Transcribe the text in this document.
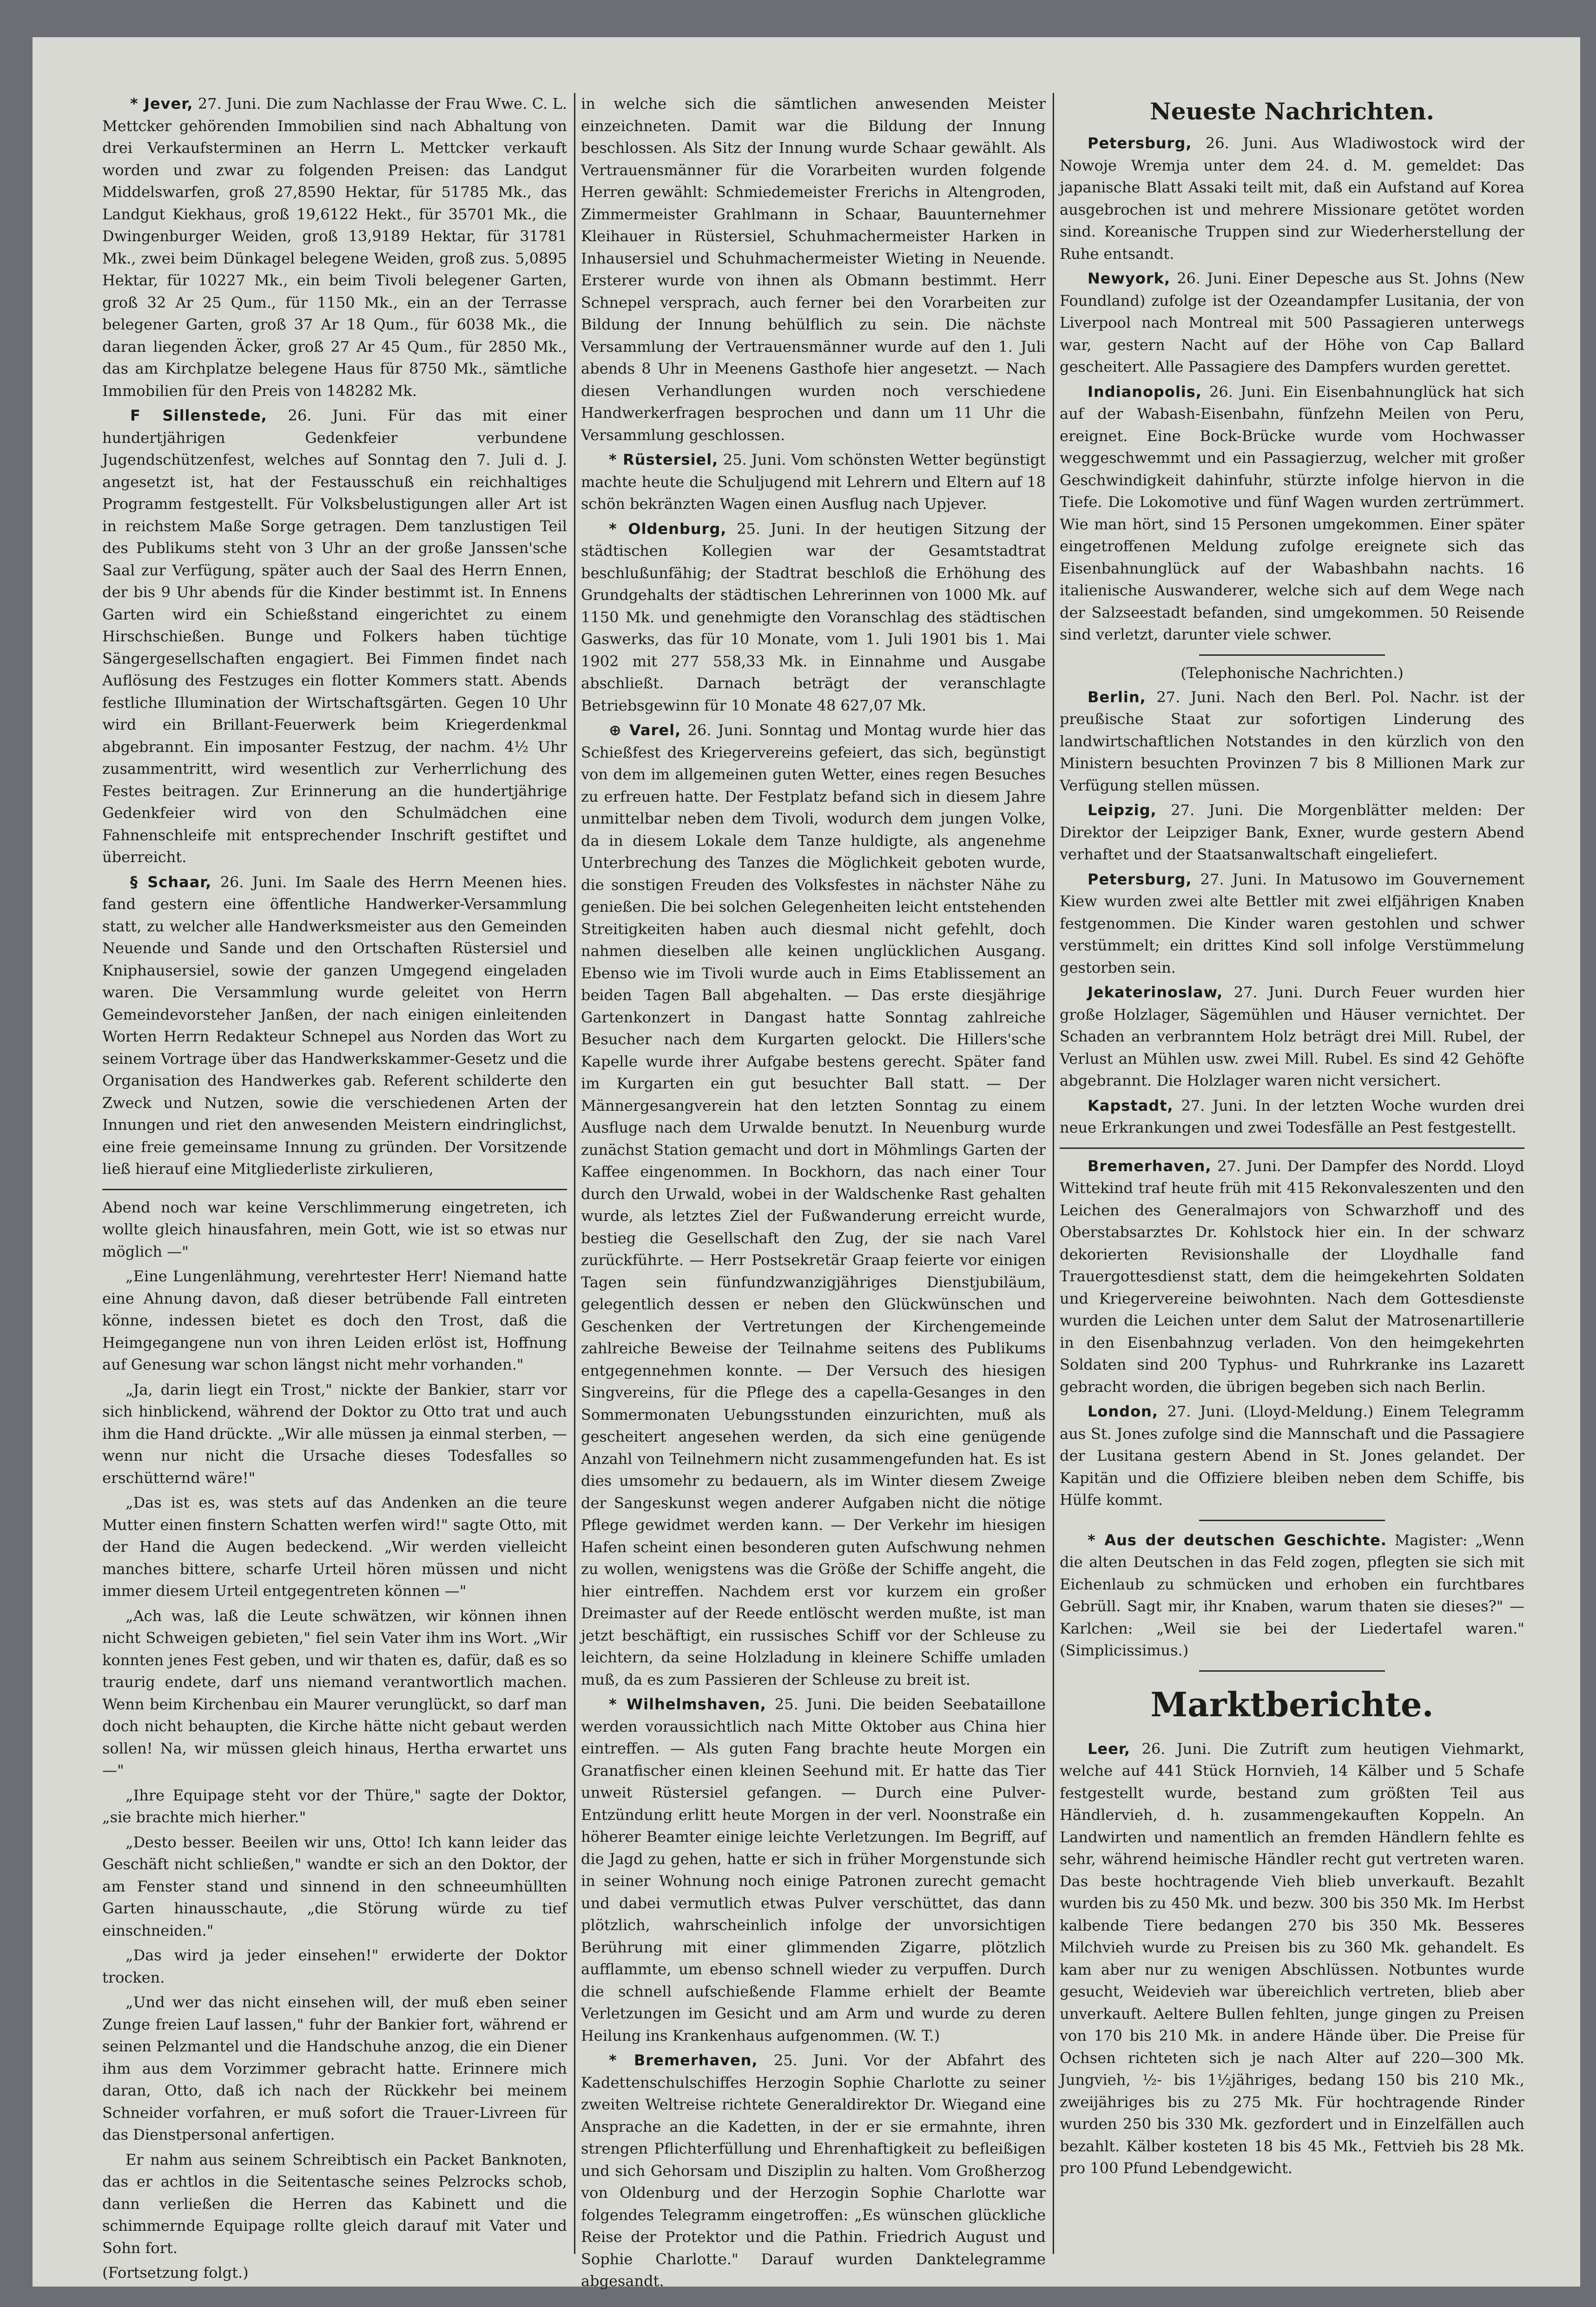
* Jever, 27. Juni. Die zum Nachlasse der Frau Wwe. C. L. Mettcker gehörenden Immobilien sind nach Abhaltung von drei Verkaufsterminen an Herrn L. Mettcker verkauft worden und zwar zu folgenden Preisen: das Landgut Middelswarfen, groß 27,8590 Hektar, für 51785 Mk., das Landgut Kiekhaus, groß 19,6122 Hekt., für 35701 Mk., die Dwingenburger Weiden, groß 13,9189 Hektar, für 31781 Mk., zwei beim Dünkagel belegene Weiden, groß zus. 5,0895 Hektar, für 10227 Mk., ein beim Tivoli belegener Garten, groß 32 Ar 25 Qum., für 1150 Mk., ein an der Terrasse belegener Garten, groß 37 Ar 18 Qum., für 6038 Mk., die daran liegenden Äcker, groß 27 Ar 45 Qum., für 2850 Mk., das am Kirchplatze belegene Haus für 8750 Mk., sämtliche Immobilien für den Preis von 148282 Mk.

F Sillenstede, 26. Juni. Für das mit einer hundertjährigen Gedenkfeier verbundene Jugendschützenfest, welches auf Sonntag den 7. Juli d. J. angesetzt ist, hat der Festausschuß ein reichhaltiges Programm festgestellt. Für Volksbelustigungen aller Art ist in reichstem Maße Sorge getragen. Dem tanzlustigen Teil des Publikums steht von 3 Uhr an der große Janssen'sche Saal zur Verfügung, später auch der Saal des Herrn Ennen, der bis 9 Uhr abends für die Kinder bestimmt ist. In Ennens Garten wird ein Schießstand eingerichtet zu einem Hirschschießen. Bunge und Folkers haben tüchtige Sängergesellschaften engagiert. Bei Fimmen findet nach Auflösung des Festzuges ein flotter Kommers statt. Abends festliche Illumination der Wirtschaftsgärten. Gegen 10 Uhr wird ein Brillant-Feuerwerk beim Kriegerdenkmal abgebrannt. Ein imposanter Festzug, der nachm. 4½ Uhr zusammentritt, wird wesentlich zur Verherrlichung des Festes beitragen. Zur Erinnerung an die hundertjährige Gedenkfeier wird von den Schulmädchen eine Fahnenschleife mit entsprechender Inschrift gestiftet und überreicht.

§ Schaar, 26. Juni. Im Saale des Herrn Meenen hies. fand gestern eine öffentliche Handwerker-Versammlung statt, zu welcher alle Handwerksmeister aus den Gemeinden Neuende und Sande und den Ortschaften Rüstersiel und Kniphausersiel, sowie der ganzen Umgegend eingeladen waren. Die Versammlung wurde geleitet von Herrn Gemeindevorsteher Janßen, der nach einigen einleitenden Worten Herrn Redakteur Schnepel aus Norden das Wort zu seinem Vortrage über das Handwerkskammer-Gesetz und die Organisation des Handwerkes gab. Referent schilderte den Zweck und Nutzen, sowie die verschiedenen Arten der Innungen und riet den anwesenden Meistern eindringlichst, eine freie gemeinsame Innung zu gründen. Der Vorsitzende ließ hierauf eine Mitgliederliste zirkulieren,

Abend noch war keine Verschlimmerung eingetreten, ich wollte gleich hinausfahren, mein Gott, wie ist so etwas nur möglich —"

„Eine Lungenlähmung, verehrtester Herr! Niemand hatte eine Ahnung davon, daß dieser betrübende Fall eintreten könne, indessen bietet es doch den Trost, daß die Heimgegangene nun von ihren Leiden erlöst ist, Hoffnung auf Genesung war schon längst nicht mehr vorhanden."

„Ja, darin liegt ein Trost," nickte der Bankier, starr vor sich hinblickend, während der Doktor zu Otto trat und auch ihm die Hand drückte. „Wir alle müssen ja einmal sterben, — wenn nur nicht die Ursache dieses Todesfalles so erschütternd wäre!"

„Das ist es, was stets auf das Andenken an die teure Mutter einen finstern Schatten werfen wird!" sagte Otto, mit der Hand die Augen bedeckend. „Wir werden vielleicht manches bittere, scharfe Urteil hören müssen und nicht immer diesem Urteil entgegentreten können —"

„Ach was, laß die Leute schwätzen, wir können ihnen nicht Schweigen gebieten," fiel sein Vater ihm ins Wort. „Wir konnten jenes Fest geben, und wir thaten es, dafür, daß es so traurig endete, darf uns niemand verantwortlich machen. Wenn beim Kirchenbau ein Maurer verunglückt, so darf man doch nicht behaupten, die Kirche hätte nicht gebaut werden sollen! Na, wir müssen gleich hinaus, Hertha erwartet uns —"

„Ihre Equipage steht vor der Thüre," sagte der Doktor, „sie brachte mich hierher."

„Desto besser. Beeilen wir uns, Otto! Ich kann leider das Geschäft nicht schließen," wandte er sich an den Doktor, der am Fenster stand und sinnend in den schneeumhüllten Garten hinausschaute, „die Störung würde zu tief einschneiden."

„Das wird ja jeder einsehen!" erwiderte der Doktor trocken.

„Und wer das nicht einsehen will, der muß eben seiner Zunge freien Lauf lassen," fuhr der Bankier fort, während er seinen Pelzmantel und die Handschuhe anzog, die ein Diener ihm aus dem Vorzimmer gebracht hatte. Erinnere mich daran, Otto, daß ich nach der Rückkehr bei meinem Schneider vorfahren, er muß sofort die Trauer-Livreen für das Dienstpersonal anfertigen.

Er nahm aus seinem Schreibtisch ein Packet Banknoten, das er achtlos in die Seitentasche seines Pelzrocks schob, dann verließen die Herren das Kabinett und die schimmernde Equipage rollte gleich darauf mit Vater und Sohn fort.

(Fortsetzung folgt.)

in welche sich die sämtlichen anwesenden Meister einzeichneten. Damit war die Bildung der Innung beschlossen. Als Sitz der Innung wurde Schaar gewählt. Als Vertrauensmänner für die Vorarbeiten wurden folgende Herren gewählt: Schmiedemeister Frerichs in Altengroden, Zimmermeister Grahlmann in Schaar, Bauunternehmer Kleihauer in Rüstersiel, Schuhmachermeister Harken in Inhausersiel und Schuhmachermeister Wieting in Neuende. Ersterer wurde von ihnen als Obmann bestimmt. Herr Schnepel versprach, auch ferner bei den Vorarbeiten zur Bildung der Innung behülflich zu sein. Die nächste Versammlung der Vertrauensmänner wurde auf den 1. Juli abends 8 Uhr in Meenens Gasthofe hier angesetzt. — Nach diesen Verhandlungen wurden noch verschiedene Handwerkerfragen besprochen und dann um 11 Uhr die Versammlung geschlossen.

* Rüstersiel, 25. Juni. Vom schönsten Wetter begünstigt machte heute die Schuljugend mit Lehrern und Eltern auf 18 schön bekränzten Wagen einen Ausflug nach Upjever.

* Oldenburg, 25. Juni. In der heutigen Sitzung der städtischen Kollegien war der Gesamtstadtrat beschlußunfähig; der Stadtrat beschloß die Erhöhung des Grundgehalts der städtischen Lehrerinnen von 1000 Mk. auf 1150 Mk. und genehmigte den Voranschlag des städtischen Gaswerks, das für 10 Monate, vom 1. Juli 1901 bis 1. Mai 1902 mit 277 558,33 Mk. in Einnahme und Ausgabe abschließt. Darnach beträgt der veranschlagte Betriebsgewinn für 10 Monate 48 627,07 Mk.

⊕ Varel, 26. Juni. Sonntag und Montag wurde hier das Schießfest des Kriegervereins gefeiert, das sich, begünstigt von dem im allgemeinen guten Wetter, eines regen Besuches zu erfreuen hatte. Der Festplatz befand sich in diesem Jahre unmittelbar neben dem Tivoli, wodurch dem jungen Volke, da in diesem Lokale dem Tanze huldigte, als angenehme Unterbrechung des Tanzes die Möglichkeit geboten wurde, die sonstigen Freuden des Volksfestes in nächster Nähe zu genießen. Die bei solchen Gelegenheiten leicht entstehenden Streitigkeiten haben auch diesmal nicht gefehlt, doch nahmen dieselben alle keinen unglücklichen Ausgang. Ebenso wie im Tivoli wurde auch in Eims Etablissement an beiden Tagen Ball abgehalten. — Das erste diesjährige Gartenkonzert in Dangast hatte Sonntag zahlreiche Besucher nach dem Kurgarten gelockt. Die Hillers'sche Kapelle wurde ihrer Aufgabe bestens gerecht. Später fand im Kurgarten ein gut besuchter Ball statt. — Der Männergesangverein hat den letzten Sonntag zu einem Ausfluge nach dem Urwalde benutzt. In Neuenburg wurde zunächst Station gemacht und dort in Möhmlings Garten der Kaffee eingenommen. In Bockhorn, das nach einer Tour durch den Urwald, wobei in der Waldschenke Rast gehalten wurde, als letztes Ziel der Fußwanderung erreicht wurde, bestieg die Gesellschaft den Zug, der sie nach Varel zurückführte. — Herr Postsekretär Graap feierte vor einigen Tagen sein fünfundzwanzigjähriges Dienstjubiläum, gelegentlich dessen er neben den Glückwünschen und Geschenken der Vertretungen der Kirchengemeinde zahlreiche Beweise der Teilnahme seitens des Publikums entgegennehmen konnte. — Der Versuch des hiesigen Singvereins, für die Pflege des a capella-Gesanges in den Sommermonaten Uebungsstunden einzurichten, muß als gescheitert angesehen werden, da sich eine genügende Anzahl von Teilnehmern nicht zusammengefunden hat. Es ist dies umsomehr zu bedauern, als im Winter diesem Zweige der Sangeskunst wegen anderer Aufgaben nicht die nötige Pflege gewidmet werden kann. — Der Verkehr im hiesigen Hafen scheint einen besonderen guten Aufschwung nehmen zu wollen, wenigstens was die Größe der Schiffe angeht, die hier eintreffen. Nachdem erst vor kurzem ein großer Dreimaster auf der Reede entlöscht werden mußte, ist man jetzt beschäftigt, ein russisches Schiff vor der Schleuse zu leichtern, da seine Holzladung in kleinere Schiffe umladen muß, da es zum Passieren der Schleuse zu breit ist.

* Wilhelmshaven, 25. Juni. Die beiden Seebataillone werden voraussichtlich nach Mitte Oktober aus China hier eintreffen. — Als guten Fang brachte heute Morgen ein Granatfischer einen kleinen Seehund mit. Er hatte das Tier unweit Rüstersiel gefangen. — Durch eine Pulver-Entzündung erlitt heute Morgen in der verl. Noonstraße ein höherer Beamter einige leichte Verletzungen. Im Begriff, auf die Jagd zu gehen, hatte er sich in früher Morgenstunde sich in seiner Wohnung noch einige Patronen zurecht gemacht und dabei vermutlich etwas Pulver verschüttet, das dann plötzlich, wahrscheinlich infolge der unvorsichtigen Berührung mit einer glimmenden Zigarre, plötzlich aufflammte, um ebenso schnell wieder zu verpuffen. Durch die schnell aufschießende Flamme erhielt der Beamte Verletzungen im Gesicht und am Arm und wurde zu deren Heilung ins Krankenhaus aufgenommen. (W. T.)

* Bremerhaven, 25. Juni. Vor der Abfahrt des Kadettenschulschiffes Herzogin Sophie Charlotte zu seiner zweiten Weltreise richtete Generaldirektor Dr. Wiegand eine Ansprache an die Kadetten, in der er sie ermahnte, ihren strengen Pflichterfüllung und Ehrenhaftigkeit zu befleißigen und sich Gehorsam und Disziplin zu halten. Vom Großherzog von Oldenburg und der Herzogin Sophie Charlotte war folgendes Telegramm eingetroffen: „Es wünschen glückliche Reise der Protektor und die Pathin. Friedrich August und Sophie Charlotte." Darauf wurden Danktelegramme abgesandt.

Neueste Nachrichten.

Petersburg, 26. Juni. Aus Wladiwostock wird der Nowoje Wremja unter dem 24. d. M. gemeldet: Das japanische Blatt Assaki teilt mit, daß ein Aufstand auf Korea ausgebrochen ist und mehrere Missionare getötet worden sind. Koreanische Truppen sind zur Wiederherstellung der Ruhe entsandt.

Newyork, 26. Juni. Einer Depesche aus St. Johns (New Foundland) zufolge ist der Ozeandampfer Lusitania, der von Liverpool nach Montreal mit 500 Passagieren unterwegs war, gestern Nacht auf der Höhe von Cap Ballard gescheitert. Alle Passagiere des Dampfers wurden gerettet.

Indianopolis, 26. Juni. Ein Eisenbahnunglück hat sich auf der Wabash-Eisenbahn, fünfzehn Meilen von Peru, ereignet. Eine Bock-Brücke wurde vom Hochwasser weggeschwemmt und ein Passagierzug, welcher mit großer Geschwindigkeit dahinfuhr, stürzte infolge hiervon in die Tiefe. Die Lokomotive und fünf Wagen wurden zertrümmert. Wie man hört, sind 15 Personen umgekommen. Einer später eingetroffenen Meldung zufolge ereignete sich das Eisenbahnunglück auf der Wabashbahn nachts. 16 italienische Auswanderer, welche sich auf dem Wege nach der Salzseestadt befanden, sind umgekommen. 50 Reisende sind verletzt, darunter viele schwer.

(Telephonische Nachrichten.)

Berlin, 27. Juni. Nach den Berl. Pol. Nachr. ist der preußische Staat zur sofortigen Linderung des landwirtschaftlichen Notstandes in den kürzlich von den Ministern besuchten Provinzen 7 bis 8 Millionen Mark zur Verfügung stellen müssen.

Leipzig, 27. Juni. Die Morgenblätter melden: Der Direktor der Leipziger Bank, Exner, wurde gestern Abend verhaftet und der Staatsanwaltschaft eingeliefert.

Petersburg, 27. Juni. In Matusowo im Gouvernement Kiew wurden zwei alte Bettler mit zwei elfjährigen Knaben festgenommen. Die Kinder waren gestohlen und schwer verstümmelt; ein drittes Kind soll infolge Verstümmelung gestorben sein.

Jekaterinoslaw, 27. Juni. Durch Feuer wurden hier große Holzlager, Sägemühlen und Häuser vernichtet. Der Schaden an verbranntem Holz beträgt drei Mill. Rubel, der Verlust an Mühlen usw. zwei Mill. Rubel. Es sind 42 Gehöfte abgebrannt. Die Holzlager waren nicht versichert.

Kapstadt, 27. Juni. In der letzten Woche wurden drei neue Erkrankungen und zwei Todesfälle an Pest festgestellt.

Bremerhaven, 27. Juni. Der Dampfer des Nordd. Lloyd Wittekind traf heute früh mit 415 Rekonvaleszenten und den Leichen des Generalmajors von Schwarzhoff und des Oberstabsarztes Dr. Kohlstock hier ein. In der schwarz dekorierten Revisionshalle der Lloydhalle fand Trauergottesdienst statt, dem die heimgekehrten Soldaten und Kriegervereine beiwohnten. Nach dem Gottesdienste wurden die Leichen unter dem Salut der Matrosenartillerie in den Eisenbahnzug verladen. Von den heimgekehrten Soldaten sind 200 Typhus- und Ruhrkranke ins Lazarett gebracht worden, die übrigen begeben sich nach Berlin.

London, 27. Juni. (Lloyd-Meldung.) Einem Telegramm aus St. Jones zufolge sind die Mannschaft und die Passagiere der Lusitana gestern Abend in St. Jones gelandet. Der Kapitän und die Offiziere bleiben neben dem Schiffe, bis Hülfe kommt.

* Aus der deutschen Geschichte. Magister: „Wenn die alten Deutschen in das Feld zogen, pflegten sie sich mit Eichenlaub zu schmücken und erhoben ein furchtbares Gebrüll. Sagt mir, ihr Knaben, warum thaten sie dieses?" — Karlchen: „Weil sie bei der Liedertafel waren." (Simplicissimus.)

Marktberichte.

Leer, 26. Juni. Die Zutrift zum heutigen Viehmarkt, welche auf 441 Stück Hornvieh, 14 Kälber und 5 Schafe festgestellt wurde, bestand zum größten Teil aus Händlervieh, d. h. zusammengekauften Koppeln. An Landwirten und namentlich an fremden Händlern fehlte es sehr, während heimische Händler recht gut vertreten waren. Das beste hochtragende Vieh blieb unverkauft. Bezahlt wurden bis zu 450 Mk. und bezw. 300 bis 350 Mk. Im Herbst kalbende Tiere bedangen 270 bis 350 Mk. Besseres Milchvieh wurde zu Preisen bis zu 360 Mk. gehandelt. Es kam aber nur zu wenigen Abschlüssen. Notbuntes wurde gesucht, Weidevieh war übereichlich vertreten, blieb aber unverkauft. Aeltere Bullen fehlten, junge gingen zu Preisen von 170 bis 210 Mk. in andere Hände über. Die Preise für Ochsen richteten sich je nach Alter auf 220—300 Mk. Jungvieh, ½- bis 1½jähriges, bedang 150 bis 210 Mk., zweijähriges bis zu 275 Mk. Für hochtragende Rinder wurden 250 bis 330 Mk. gezfordert und in Einzelfällen auch bezahlt. Kälber kosteten 18 bis 45 Mk., Fettvieh bis 28 Mk. pro 100 Pfund Lebendgewicht.
